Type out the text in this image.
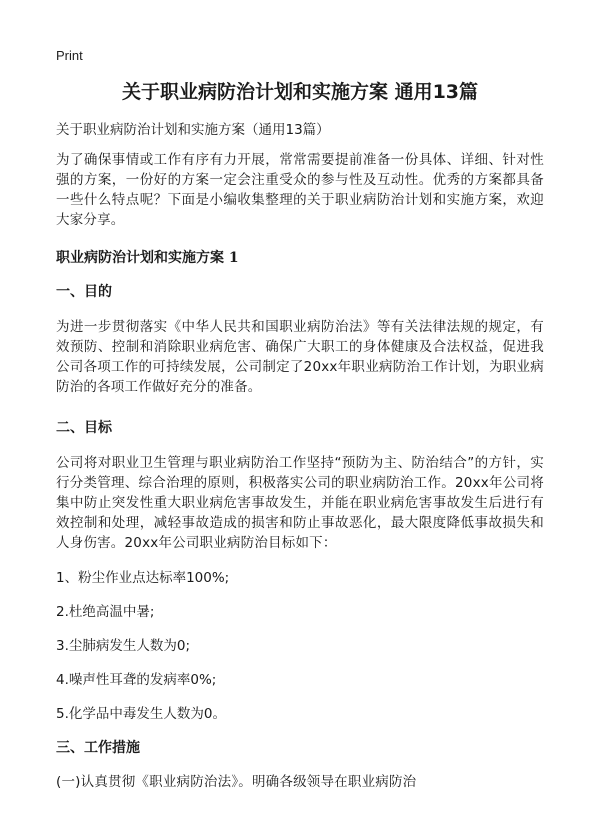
Print

关于职业病防治计划和实施方案 通用13篇

关于职业病防治计划和实施方案（通用13篇）

为了确保事情或工作有序有力开展，常常需要提前准备一份具体、详细、针对性强的方案，一份好的方案一定会注重受众的参与性及互动性。优秀的方案都具备一些什么特点呢？下面是小编收集整理的关于职业病防治计划和实施方案，欢迎大家分享。

职业病防治计划和实施方案 1

一、目的

为进一步贯彻落实《中华人民共和国职业病防治法》等有关法律法规的规定，有效预防、控制和消除职业病危害、确保广大职工的身体健康及合法权益，促进我公司各项工作的可持续发展，公司制定了20xx年职业病防治工作计划，为职业病防治的各项工作做好充分的准备。

二、目标

公司将对职业卫生管理与职业病防治工作坚持“预防为主、防治结合”的方针，实行分类管理、综合治理的原则，积极落实公司的职业病防治工作。20xx年公司将集中防止突发性重大职业病危害事故发生，并能在职业病危害事故发生后进行有效控制和处理，减轻事故造成的损害和防止事故恶化，最大限度降低事故损失和人身伤害。20xx年公司职业病防治目标如下：

1、粉尘作业点达标率100%;

2.杜绝高温中暑;

3.尘肺病发生人数为0;

4.噪声性耳聋的发病率0%;

5.化学品中毒发生人数为0。

三、工作措施

(一)认真贯彻《职业病防治法》。明确各级领导在职业病防治
